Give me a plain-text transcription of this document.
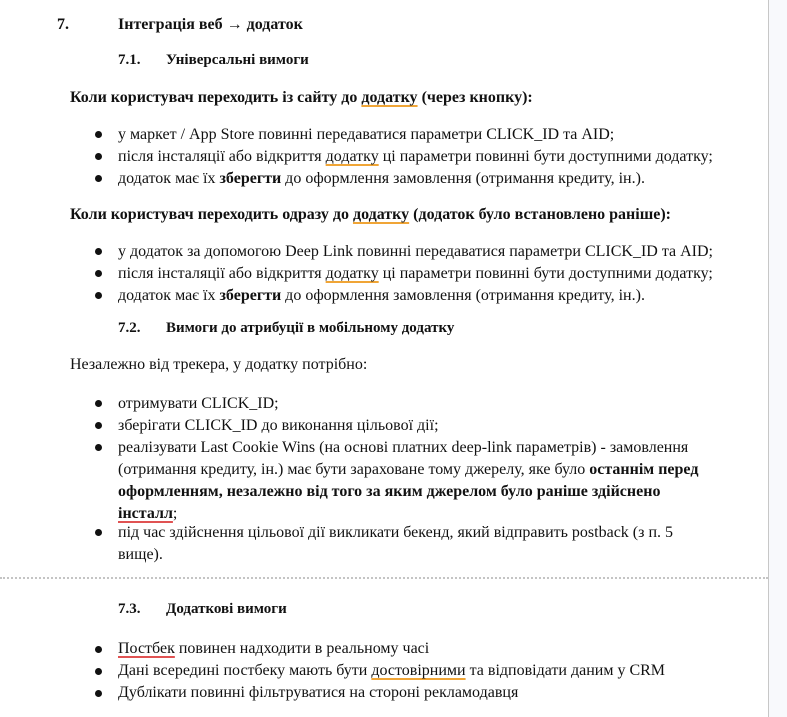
7.	Інтеграція веб → додаток
7.1. Універсальні вимоги
Коли користувач переходить із сайту до додатку (через кнопку):
у маркет / App Store повинні передаватися параметри CLICK_ID та AID;
після інсталяції або відкриття додатку ці параметри повинні бути доступними додатку;
додаток має їх зберегти до оформлення замовлення (отримання кредиту, ін.).
Коли користувач переходить одразу до додатку (додаток було встановлено раніше):
у додаток за допомогою Deep Link повинні передаватися параметри CLICK_ID та AID;
після інсталяції або відкриття додатку ці параметри повинні бути доступними додатку;
додаток має їх зберегти до оформлення замовлення (отримання кредиту, ін.).
7.2. Вимоги до атрибуції в мобільному додатку
Незалежно від трекера, у додатку потрібно:
отримувати CLICK_ID;
зберігати CLICK_ID до виконання цільової дії;
реалізувати Last Cookie Wins (на основі платних deep-link параметрів) - замовлення
(отримання кредиту, ін.) має бути зараховане тому джерелу, яке було останнім перед
оформленням, незалежно від того за яким джерелом було раніше здійснено
інсталл;
під час здійснення цільової дії викликати бекенд, який відправить postback (з п. 5
вище).
7.3. Додаткові вимоги
Постбек повинен надходити в реальному часі
Дані всередині постбеку мають бути достовірними та відповідати даним у CRM
Дублікати повинні фільтруватися на стороні рекламодавця
